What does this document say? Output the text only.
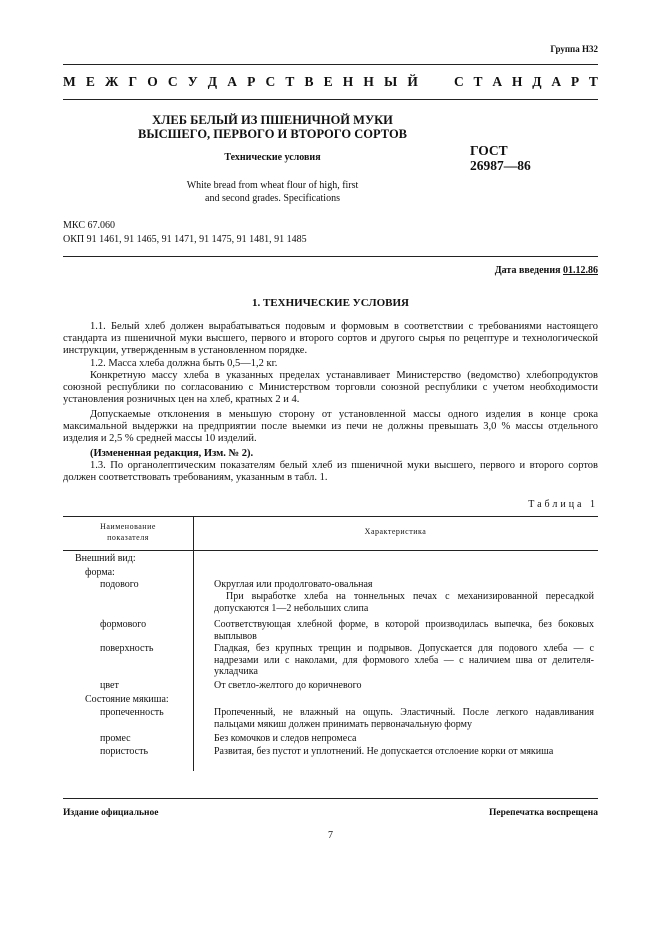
Группа Н32
М Е Ж Г О С У Д А Р С Т В Е Н Н Ы Й	С Т А Н Д А Р Т
ХЛЕБ БЕЛЫЙ ИЗ ПШЕНИЧНОЙ МУКИ
ВЫСШЕГО, ПЕРВОГО И ВТОРОГО СОРТОВ
Технические условия
White bread from wheat flour of high, first
and second grades. Specifications
ГОСТ
26987—86
МКС 67.060
ОКП 91 1461, 91 1465, 91 1471, 91 1475, 91 1481, 91 1485
Дата введения 01.12.86
1. ТЕХНИЧЕСКИЕ УСЛОВИЯ

1.1. Белый хлеб должен вырабатываться подовым и формовым в соответствии с требованиями настоящего стандарта из пшеничной муки высшего, первого и второго сортов и другого сырья по рецептуре и технологической инструкции, утвержденным в установленном порядке.

1.2. Масса хлеба должна быть 0,5—1,2 кг.

Конкретную массу хлеба в указанных пределах устанавливает Министерство (ведомство) хлебопродуктов союзной республики по согласованию с Министерством торговли союзной республики с учетом необходимости установления розничных цен на хлеб, кратных 2 и 4.

Допускаемые отклонения в меньшую сторону от установленной массы одного изделия в конце срока максимальной выдержки на предприятии после выемки из печи не должны превышать 3,0 % массы отдельного изделия и 2,5 % средней массы 10 изделий.

(Измененная редакция, Изм. № 2).

1.3. По органолептическим показателям белый хлеб из пшеничной муки высшего, первого и второго сортов должен соответствовать требованиям, указанным в табл. 1.

Таблица 1
Наименование
показателя
Характеристика
Внешний вид:
форма:
подового	Округлая или продолговато-овальная
При выработке хлеба на тоннельных печах с механизированной пересадкой допускаются 1—2 небольших слипа
формового	Соответствующая хлебной форме, в которой производилась выпечка, без боковых выплывов
поверхность	Гладкая, без крупных трещин и подрывов. Допускается для подового хлеба — с надрезами или с наколами, для формового хлеба — с наличием шва от делителя-укладчика
цвет	От светло-желтого до коричневого
Состояние мякиша:
пропеченность	Пропеченный, не влажный на ощупь. Эластичный. После легкого надавливания пальцами мякиш должен принимать первоначальную форму
промес	Без комочков и следов непромеса
пористость	Развитая, без пустот и уплотнений. Не допускается отслоение корки от мякиша
Издание официальное	Перепечатка воспрещена
7
